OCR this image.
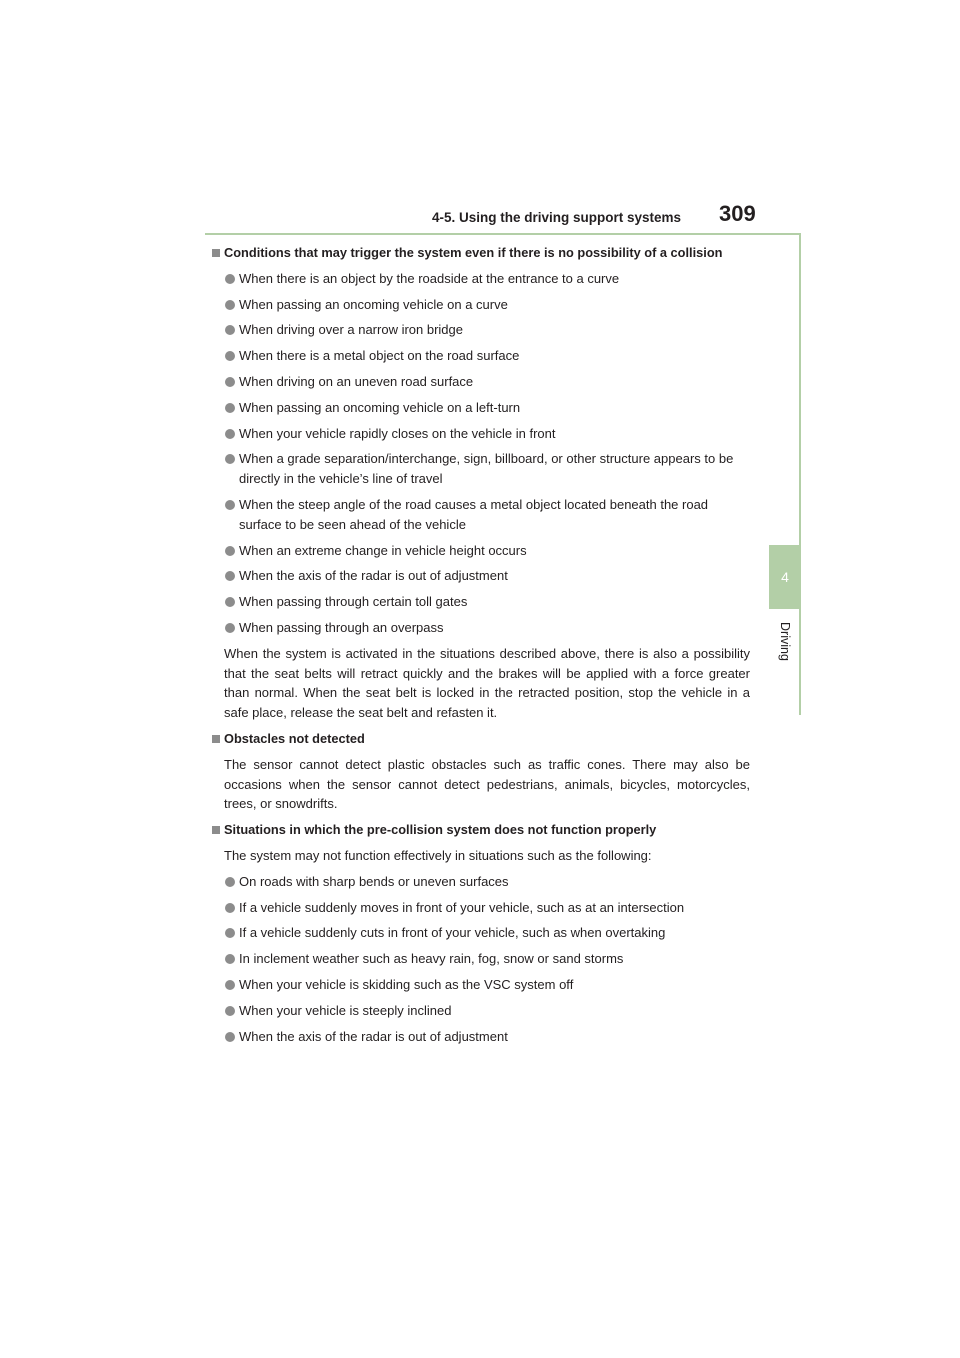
4-5. Using the driving support systems 309
4
Driving
Conditions that may trigger the system even if there is no possibility of a collision
When there is an object by the roadside at the entrance to a curve
When passing an oncoming vehicle on a curve
When driving over a narrow iron bridge
When there is a metal object on the road surface
When driving on an uneven road surface
When passing an oncoming vehicle on a left-turn
When your vehicle rapidly closes on the vehicle in front
When a grade separation/interchange, sign, billboard, or other structure appears to be directly in the vehicle’s line of travel
When the steep angle of the road causes a metal object located beneath the road surface to be seen ahead of the vehicle
When an extreme change in vehicle height occurs
When the axis of the radar is out of adjustment
When passing through certain toll gates
When passing through an overpass
When the system is activated in the situations described above, there is also a possibility that the seat belts will retract quickly and the brakes will be applied with a force greater than normal. When the seat belt is locked in the retracted position, stop the vehicle in a safe place, release the seat belt and refasten it.
Obstacles not detected
The sensor cannot detect plastic obstacles such as traffic cones. There may also be occasions when the sensor cannot detect pedestrians, animals, bicycles, motorcycles, trees, or snowdrifts.
Situations in which the pre-collision system does not function properly
The system may not function effectively in situations such as the following:
On roads with sharp bends or uneven surfaces
If a vehicle suddenly moves in front of your vehicle, such as at an intersection
If a vehicle suddenly cuts in front of your vehicle, such as when overtaking
In inclement weather such as heavy rain, fog, snow or sand storms
When your vehicle is skidding such as the VSC system off
When your vehicle is steeply inclined
When the axis of the radar is out of adjustment
